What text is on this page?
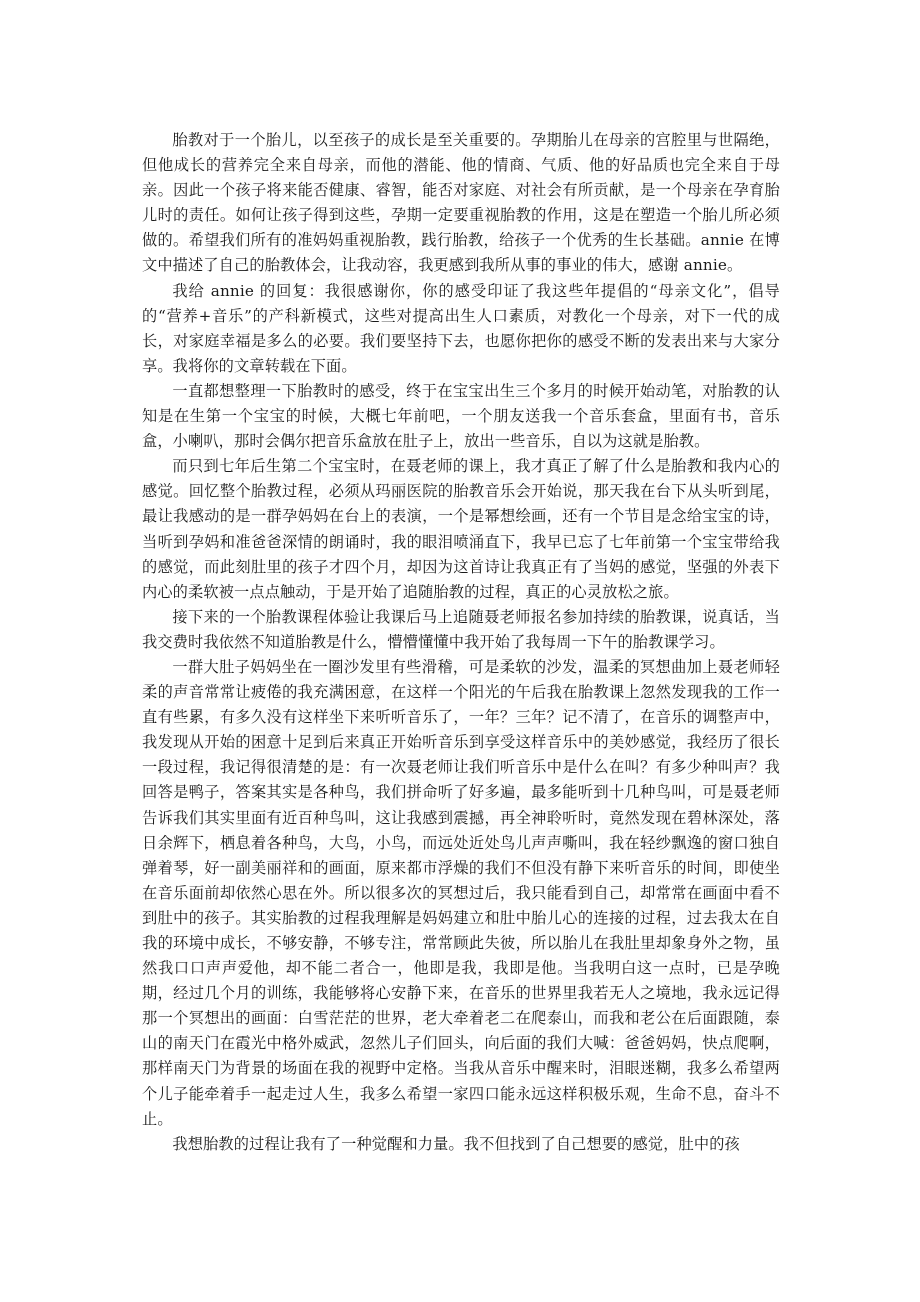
胎教对于一个胎儿，以至孩子的成长是至关重要的。孕期胎儿在母亲的宫腔里与世隔绝，但他成长的营养完全来自母亲，而他的潜能、他的情商、气质、他的好品质也完全来自于母亲。因此一个孩子将来能否健康、睿智，能否对家庭、对社会有所贡献，是一个母亲在孕育胎儿时的责任。如何让孩子得到这些，孕期一定要重视胎教的作用，这是在塑造一个胎儿所必须做的。希望我们所有的准妈妈重视胎教，践行胎教，给孩子一个优秀的生长基础。annie 在博文中描述了自己的胎教体会，让我动容，我更感到我所从事的事业的伟大，感谢 annie。

我给 annie 的回复：我很感谢你，你的感受印证了我这些年提倡的“母亲文化”，倡导的“营养+音乐”的产科新模式，这些对提高出生人口素质，对教化一个母亲，对下一代的成长，对家庭幸福是多么的必要。我们要坚持下去，也愿你把你的感受不断的发表出来与大家分享。我将你的文章转载在下面。

一直都想整理一下胎教时的感受，终于在宝宝出生三个多月的时候开始动笔，对胎教的认知是在生第一个宝宝的时候，大概七年前吧，一个朋友送我一个音乐套盒，里面有书，音乐盒，小喇叭，那时会偶尔把音乐盒放在肚子上，放出一些音乐，自以为这就是胎教。

而只到七年后生第二个宝宝时，在聂老师的课上，我才真正了解了什么是胎教和我内心的感觉。回忆整个胎教过程，必须从玛丽医院的胎教音乐会开始说，那天我在台下从头听到尾，最让我感动的是一群孕妈妈在台上的表演，一个是幂想绘画，还有一个节目是念给宝宝的诗，当听到孕妈和准爸爸深情的朗诵时，我的眼泪喷涌直下，我早已忘了七年前第一个宝宝带给我的感觉，而此刻肚里的孩子才四个月，却因为这首诗让我真正有了当妈的感觉，坚强的外表下内心的柔软被一点点触动，于是开始了追随胎教的过程，真正的心灵放松之旅。

接下来的一个胎教课程体验让我课后马上追随聂老师报名参加持续的胎教课，说真话，当我交费时我依然不知道胎教是什么，懵懵懂懂中我开始了我每周一下午的胎教课学习。

一群大肚子妈妈坐在一圈沙发里有些滑稽，可是柔软的沙发，温柔的冥想曲加上聂老师轻柔的声音常常让疲倦的我充满困意，在这样一个阳光的午后我在胎教课上忽然发现我的工作一直有些累，有多久没有这样坐下来听听音乐了，一年？三年？记不清了，在音乐的调整声中，我发现从开始的困意十足到后来真正开始听音乐到享受这样音乐中的美妙感觉，我经历了很长一段过程，我记得很清楚的是：有一次聂老师让我们听音乐中是什么在叫？有多少种叫声？我回答是鸭子，答案其实是各种鸟，我们拼命听了好多遍，最多能听到十几种鸟叫，可是聂老师告诉我们其实里面有近百种鸟叫，这让我感到震撼，再全神聆听时，竟然发现在碧林深处，落日余辉下，栖息着各种鸟，大鸟，小鸟，而远处近处鸟儿声声嘶叫，我在轻纱飘逸的窗口独自弹着琴，好一副美丽祥和的画面，原来都市浮燥的我们不但没有静下来听音乐的时间，即使坐在音乐面前却依然心思在外。所以很多次的冥想过后，我只能看到自己，却常常在画面中看不到肚中的孩子。其实胎教的过程我理解是妈妈建立和肚中胎儿心的连接的过程，过去我太在自我的环境中成长，不够安静，不够专注，常常顾此失彼，所以胎儿在我肚里却象身外之物，虽然我口口声声爱他，却不能二者合一，他即是我，我即是他。当我明白这一点时，已是孕晚期，经过几个月的训练，我能够将心安静下来，在音乐的世界里我若无人之境地，我永远记得那一个冥想出的画面：白雪茫茫的世界，老大牵着老二在爬泰山，而我和老公在后面跟随，泰山的南天门在霞光中格外威武，忽然儿子们回头，向后面的我们大喊：爸爸妈妈，快点爬啊，那样南天门为背景的场面在我的视野中定格。当我从音乐中醒来时，泪眼迷糊，我多么希望两个儿子能牵着手一起走过人生，我多么希望一家四口能永远这样积极乐观，生命不息，奋斗不止。

我想胎教的过程让我有了一种觉醒和力量。我不但找到了自己想要的感觉，肚中的孩
